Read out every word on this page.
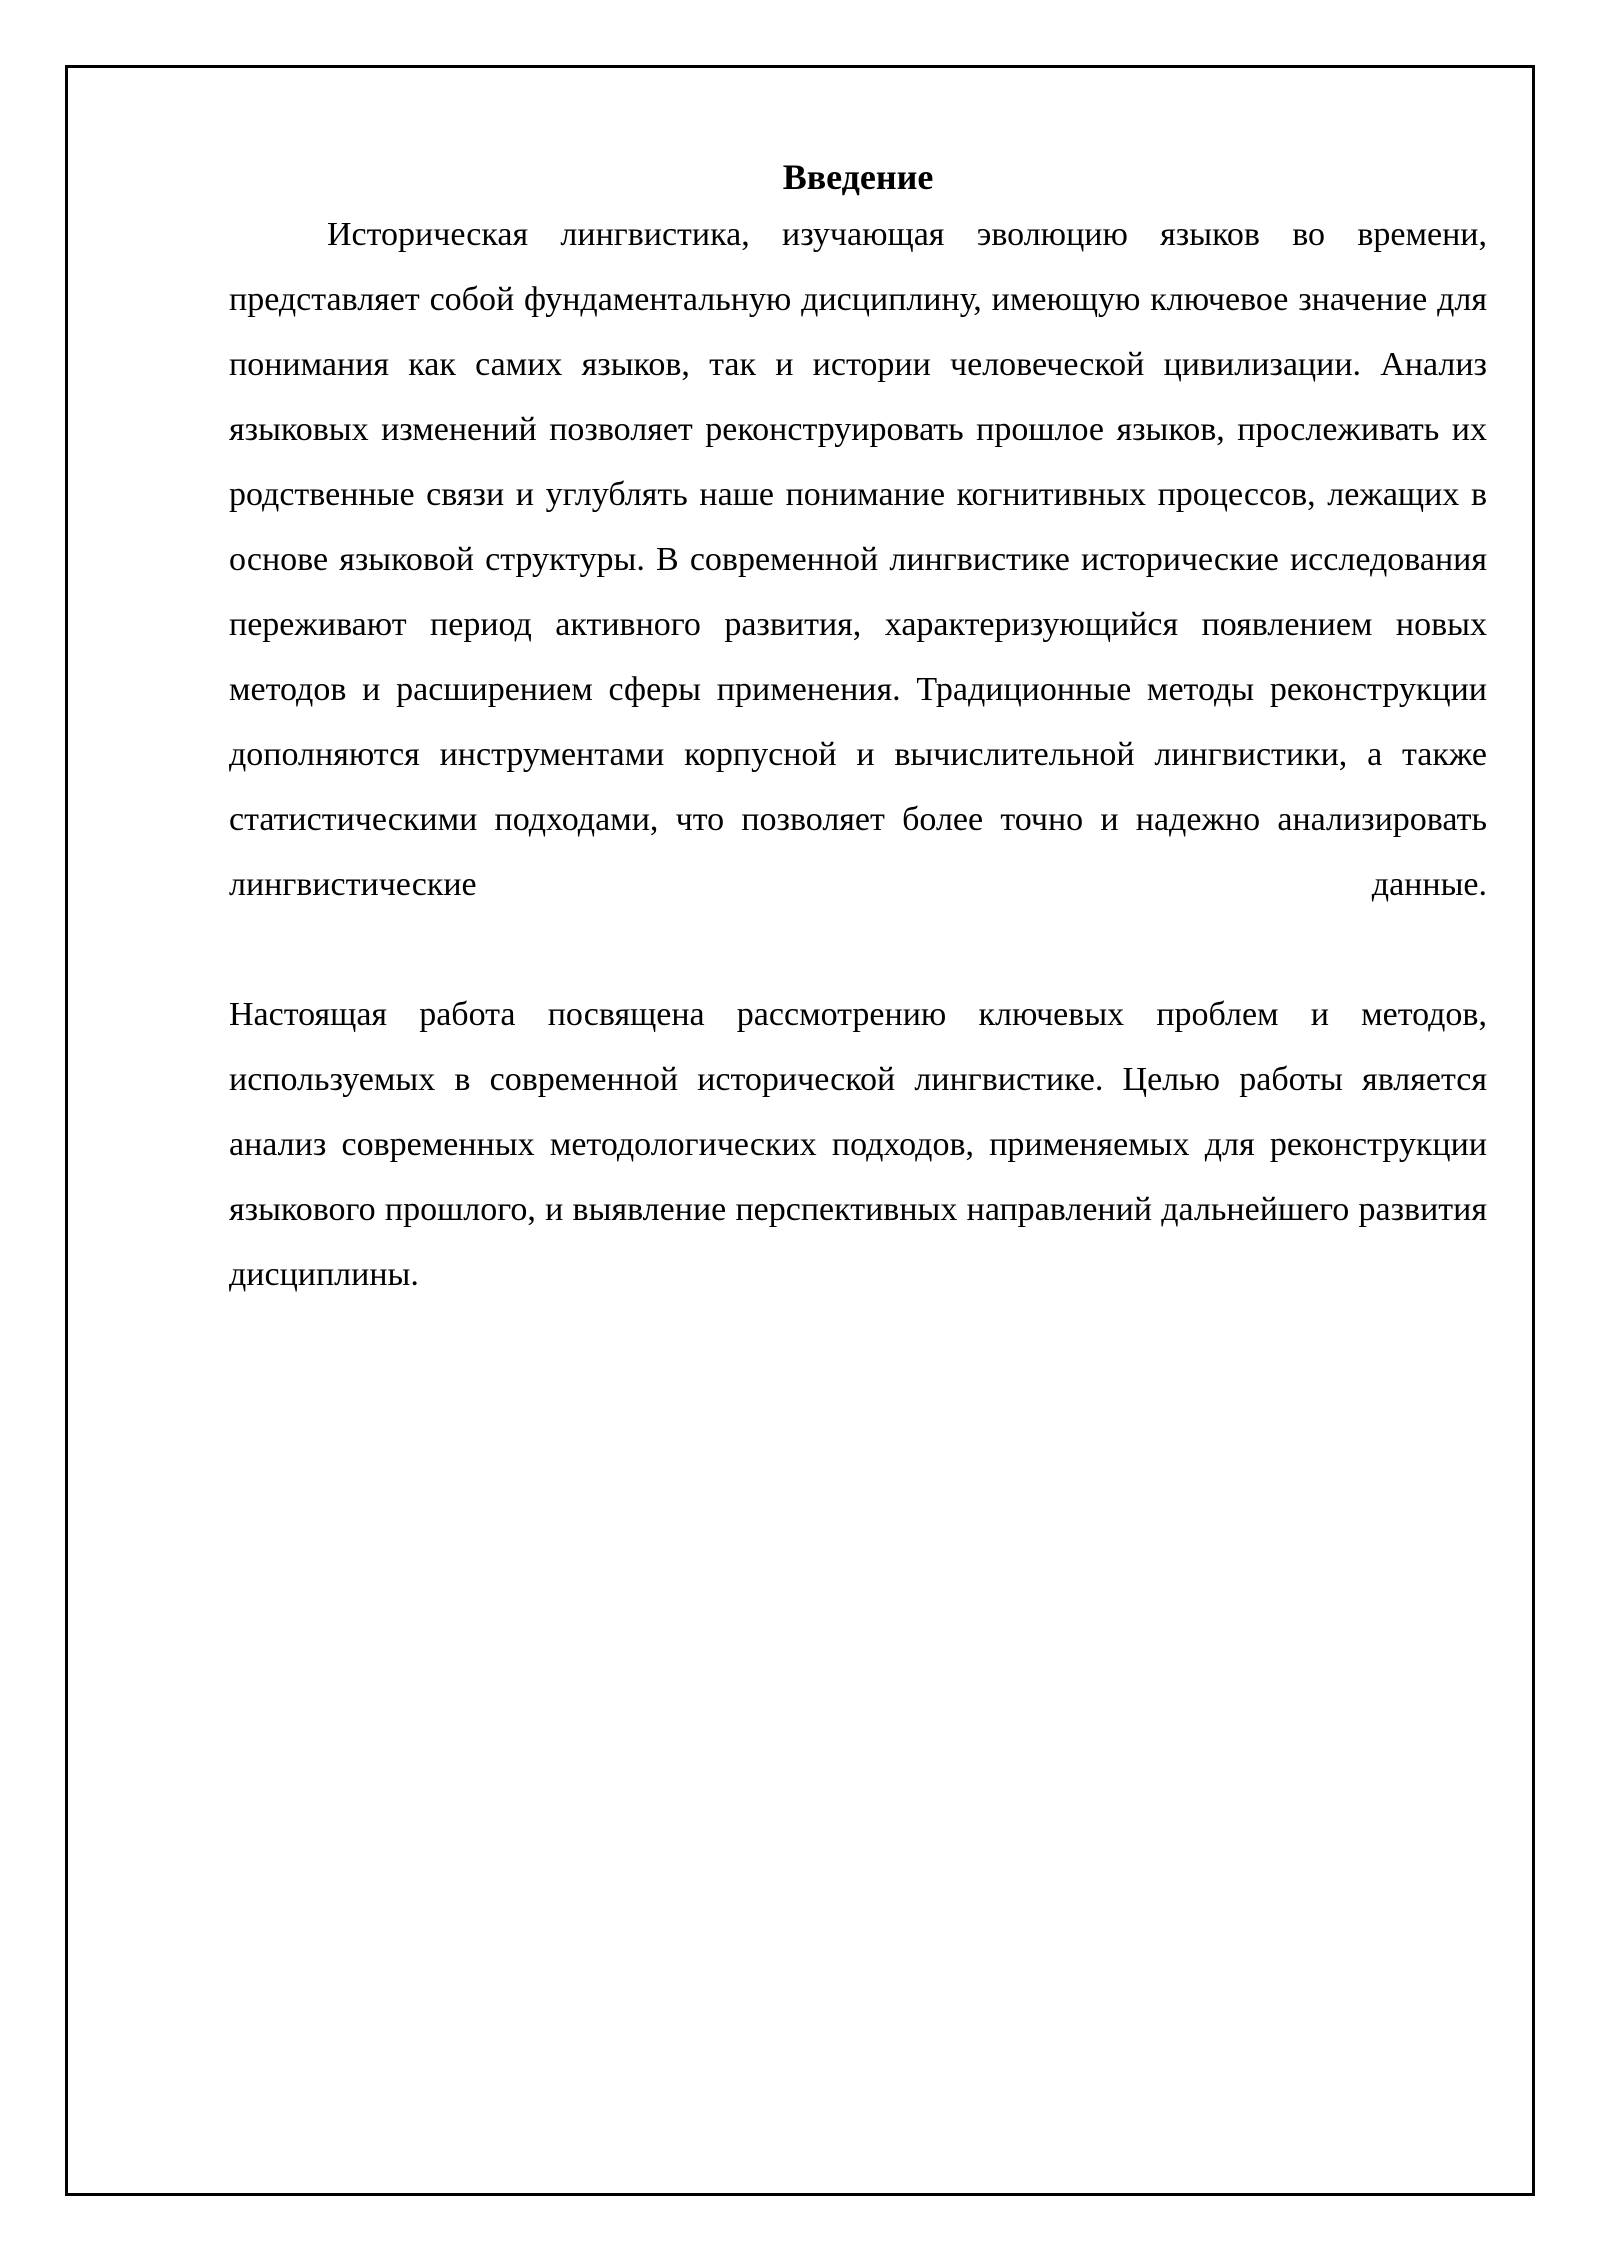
Введение

Историческая лингвистика, изучающая эволюцию языков во времени, представляет собой фундаментальную дисциплину, имеющую ключевое значение для понимания как самих языков, так и истории человеческой цивилизации. Анализ языковых изменений позволяет реконструировать прошлое языков, прослеживать их родственные связи и углублять наше понимание когнитивных процессов, лежащих в основе языковой структуры. В современной лингвистике исторические исследования переживают период активного развития, характеризующийся появлением новых методов и расширением сферы применения. Традиционные методы реконструкции дополняются инструментами корпусной и вычислительной лингвистики, а также статистическими подходами, что позволяет более точно и надежно анализировать лингвистические данные.

Настоящая работа посвящена рассмотрению ключевых проблем и методов, используемых в современной исторической лингвистике. Целью работы является анализ современных методологических подходов, применяемых для реконструкции языкового прошлого, и выявление перспективных направлений дальнейшего развития дисциплины.
